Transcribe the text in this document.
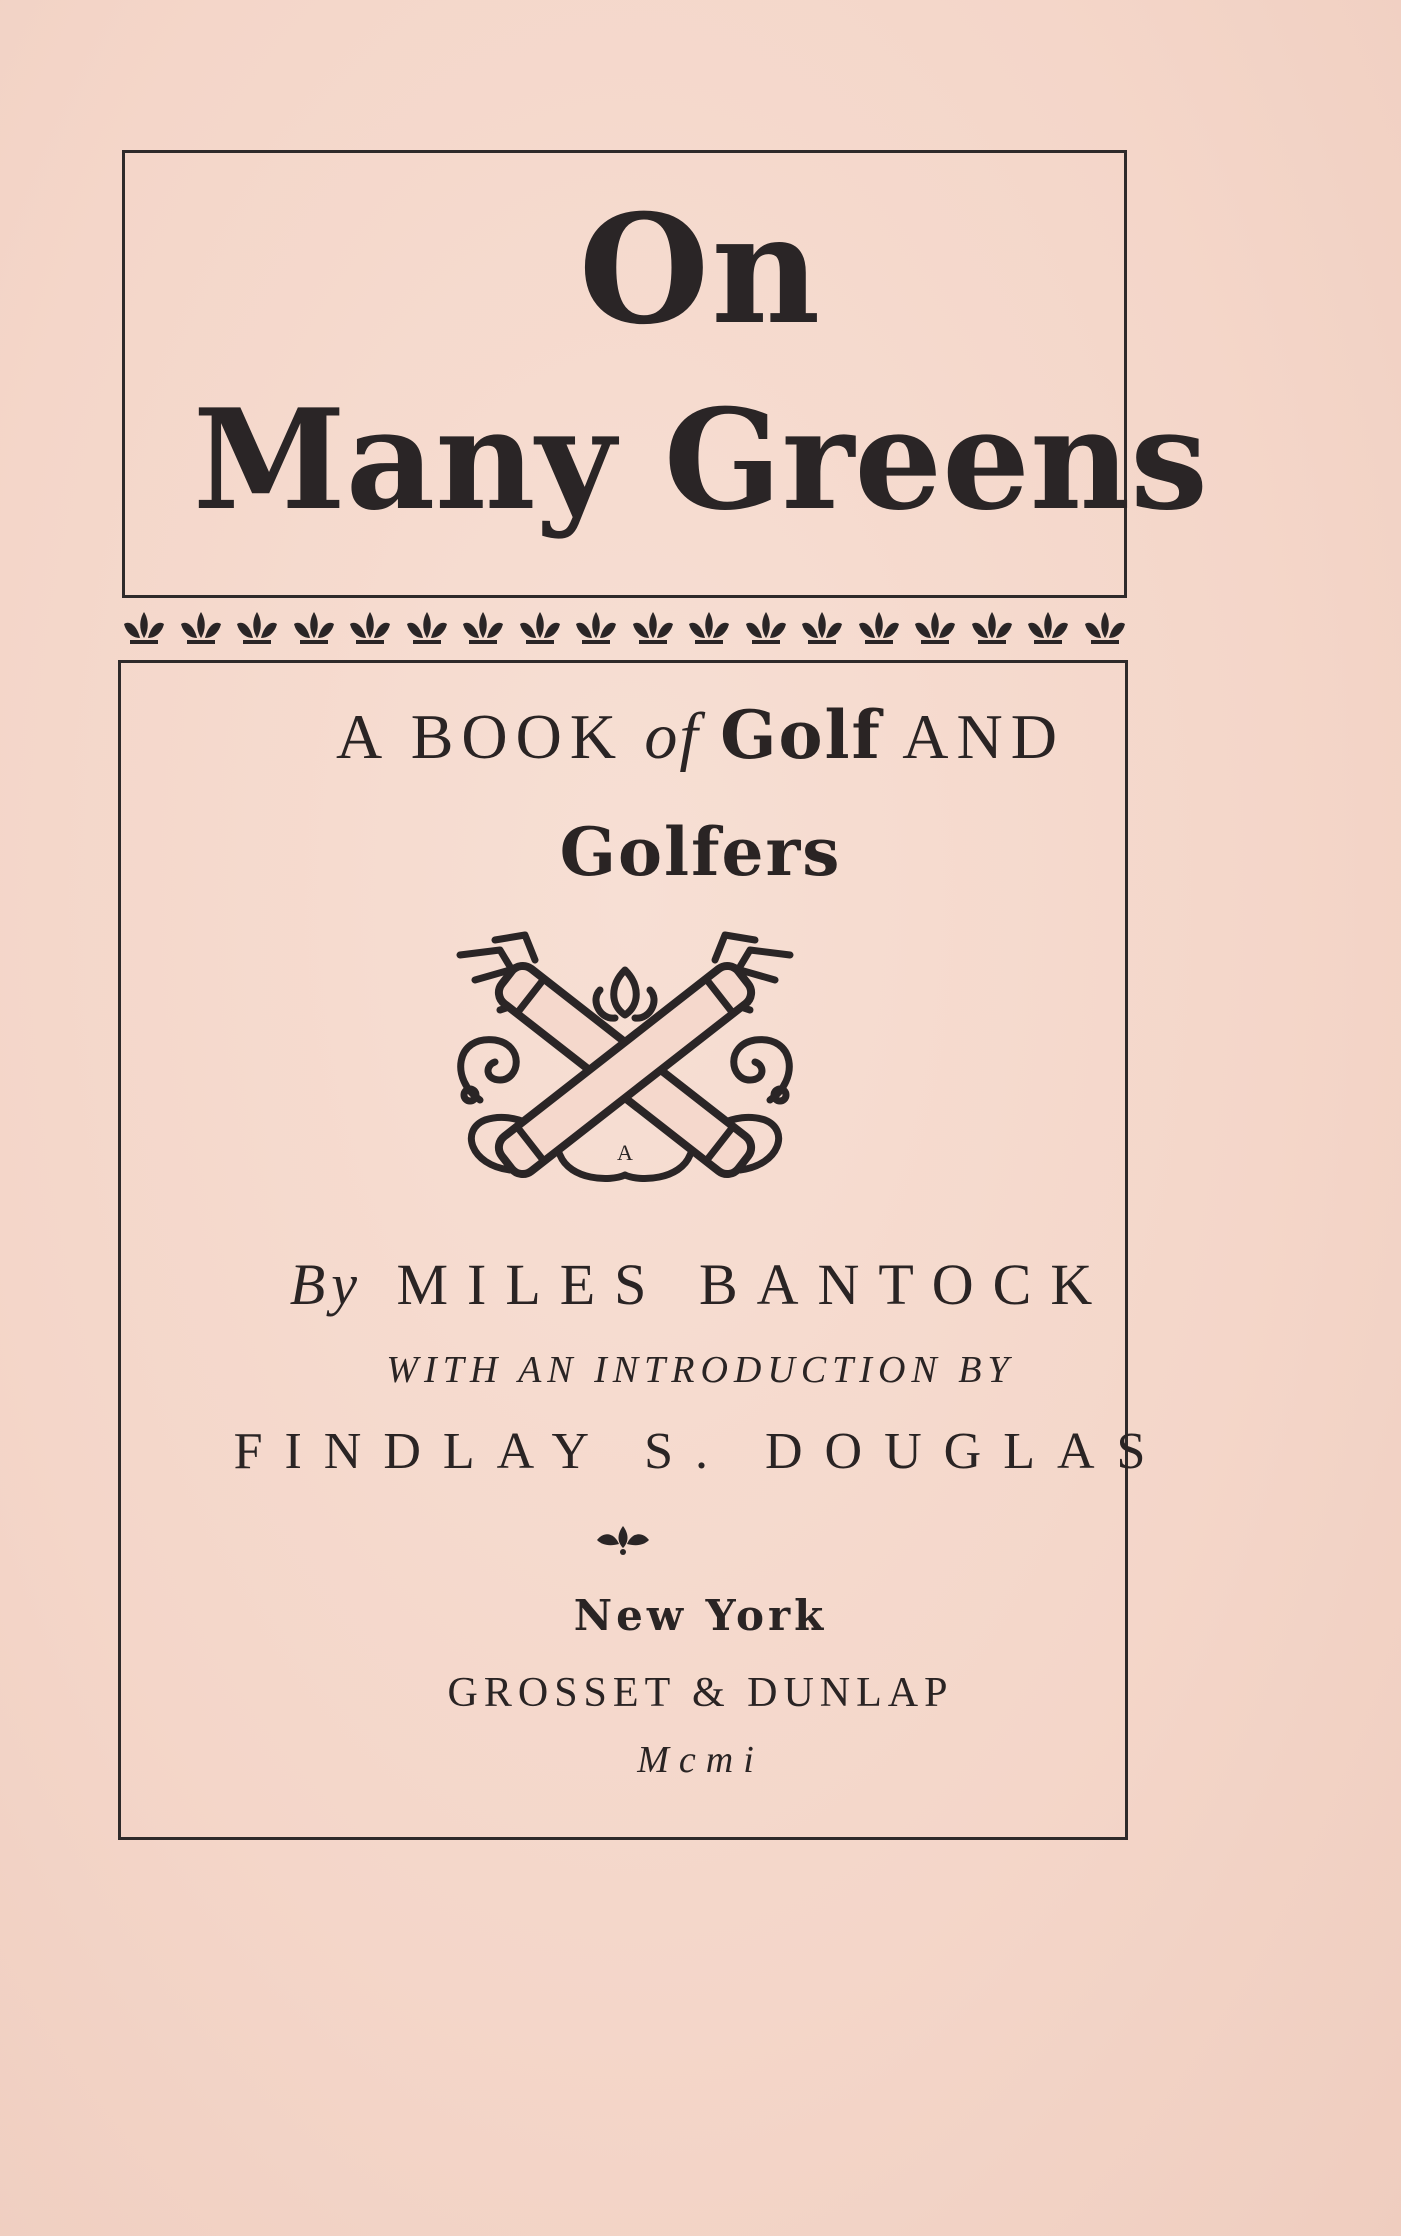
On
Many Greens
A BOOK of Golf AND
Golfers
A
By MILES BANTOCK
WITH AN INTRODUCTION BY
FINDLAY S. DOUGLAS
New York
GROSSET & DUNLAP
Mcmi
